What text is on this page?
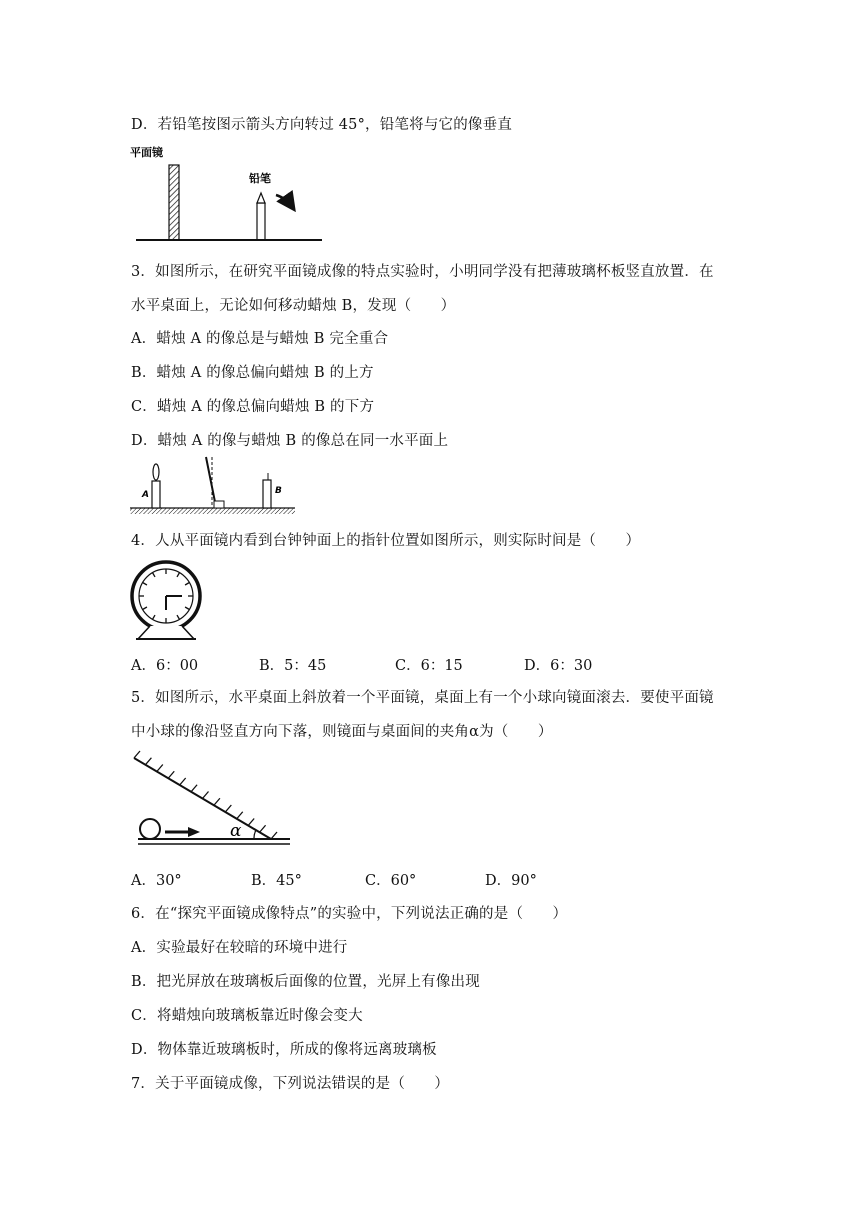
D．若铅笔按图示箭头方向转过 45°，铅笔将与它的像垂直
平面镜
铅笔
3．如图所示，在研究平面镜成像的特点实验时，小明同学没有把薄玻璃杯板竖直放置．在
水平桌面上，无论如何移动蜡烛 B，发现（　　）
A．蜡烛 A 的像总是与蜡烛 B 完全重合
B．蜡烛 A 的像总偏向蜡烛 B 的上方
C．蜡烛 A 的像总偏向蜡烛 B 的下方
D．蜡烛 A 的像与蜡烛 B 的像总在同一水平面上
A	B
4．人从平面镜内看到台钟钟面上的指针位置如图所示，则实际时间是（　　）
A．6：00	B．5：45	C．6：15	D．6：30
5．如图所示，水平桌面上斜放着一个平面镜，桌面上有一个小球向镜面滚去．要使平面镜
中小球的像沿竖直方向下落，则镜面与桌面间的夹角α为（　　）
α
A．30°	B．45°	C．60°	D．90°
6．在“探究平面镜成像特点”的实验中，下列说法正确的是（　　）
A．实验最好在较暗的环境中进行
B．把光屏放在玻璃板后面像的位置，光屏上有像出现
C．将蜡烛向玻璃板靠近时像会变大
D．物体靠近玻璃板时，所成的像将远离玻璃板
7．关于平面镜成像，下列说法错误的是（　　）
